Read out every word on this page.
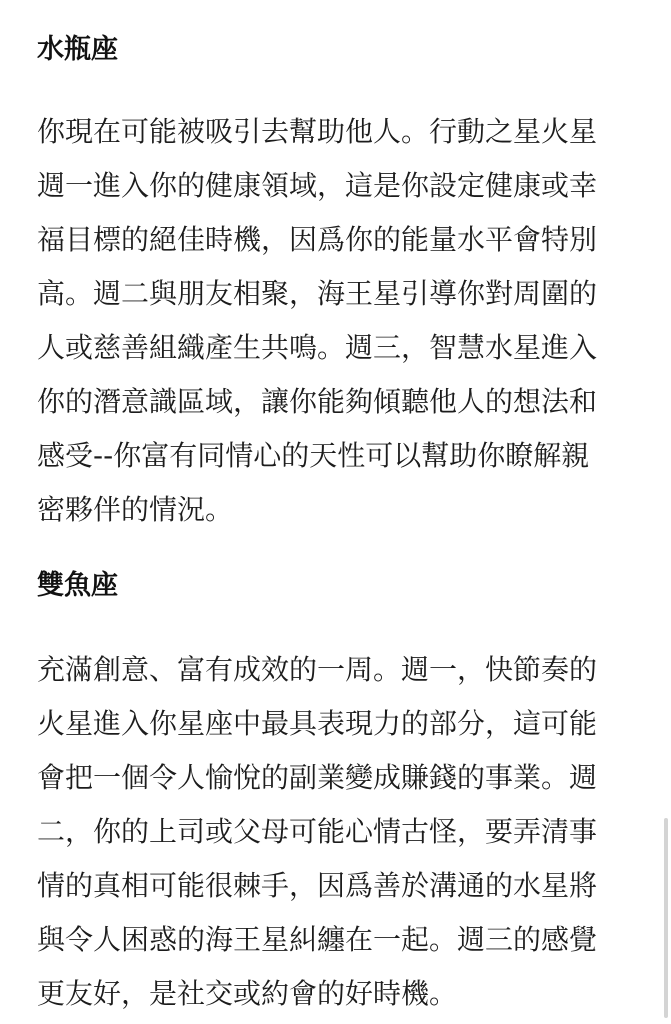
水瓶座

你現在可能被吸引去幫助他人。行動之星火星
週一進入你的健康領域，這是你設定健康或幸
福目標的絕佳時機，因爲你的能量水平會特別
高。週二與朋友相聚，海王星引導你對周圍的
人或慈善組織產生共鳴。週三，智慧水星進入
你的潛意識區域，讓你能夠傾聽他人的想法和
感受--你富有同情心的天性可以幫助你瞭解親
密夥伴的情況。

雙魚座

充滿創意、富有成效的一周。週一，快節奏的
火星進入你星座中最具表現力的部分，這可能
會把一個令人愉悅的副業變成賺錢的事業。週
二，你的上司或父母可能心情古怪，要弄清事
情的真相可能很棘手，因爲善於溝通的水星將
與令人困惑的海王星糾纏在一起。週三的感覺
更友好，是社交或約會的好時機。
